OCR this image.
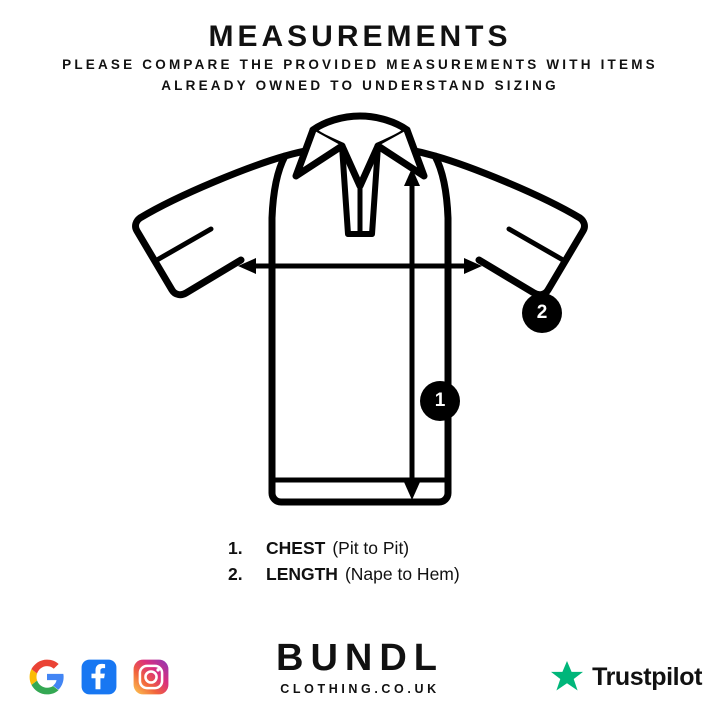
MEASUREMENTS
PLEASE COMPARE THE PROVIDED MEASUREMENTS WITH ITEMS ALREADY OWNED TO UNDERSTAND SIZING
1
2
1.	CHEST (Pit to Pit)
2.	LENGTH (Nape to Hem)
BUNDL
CLOTHING.CO.UK	Trustpilot
